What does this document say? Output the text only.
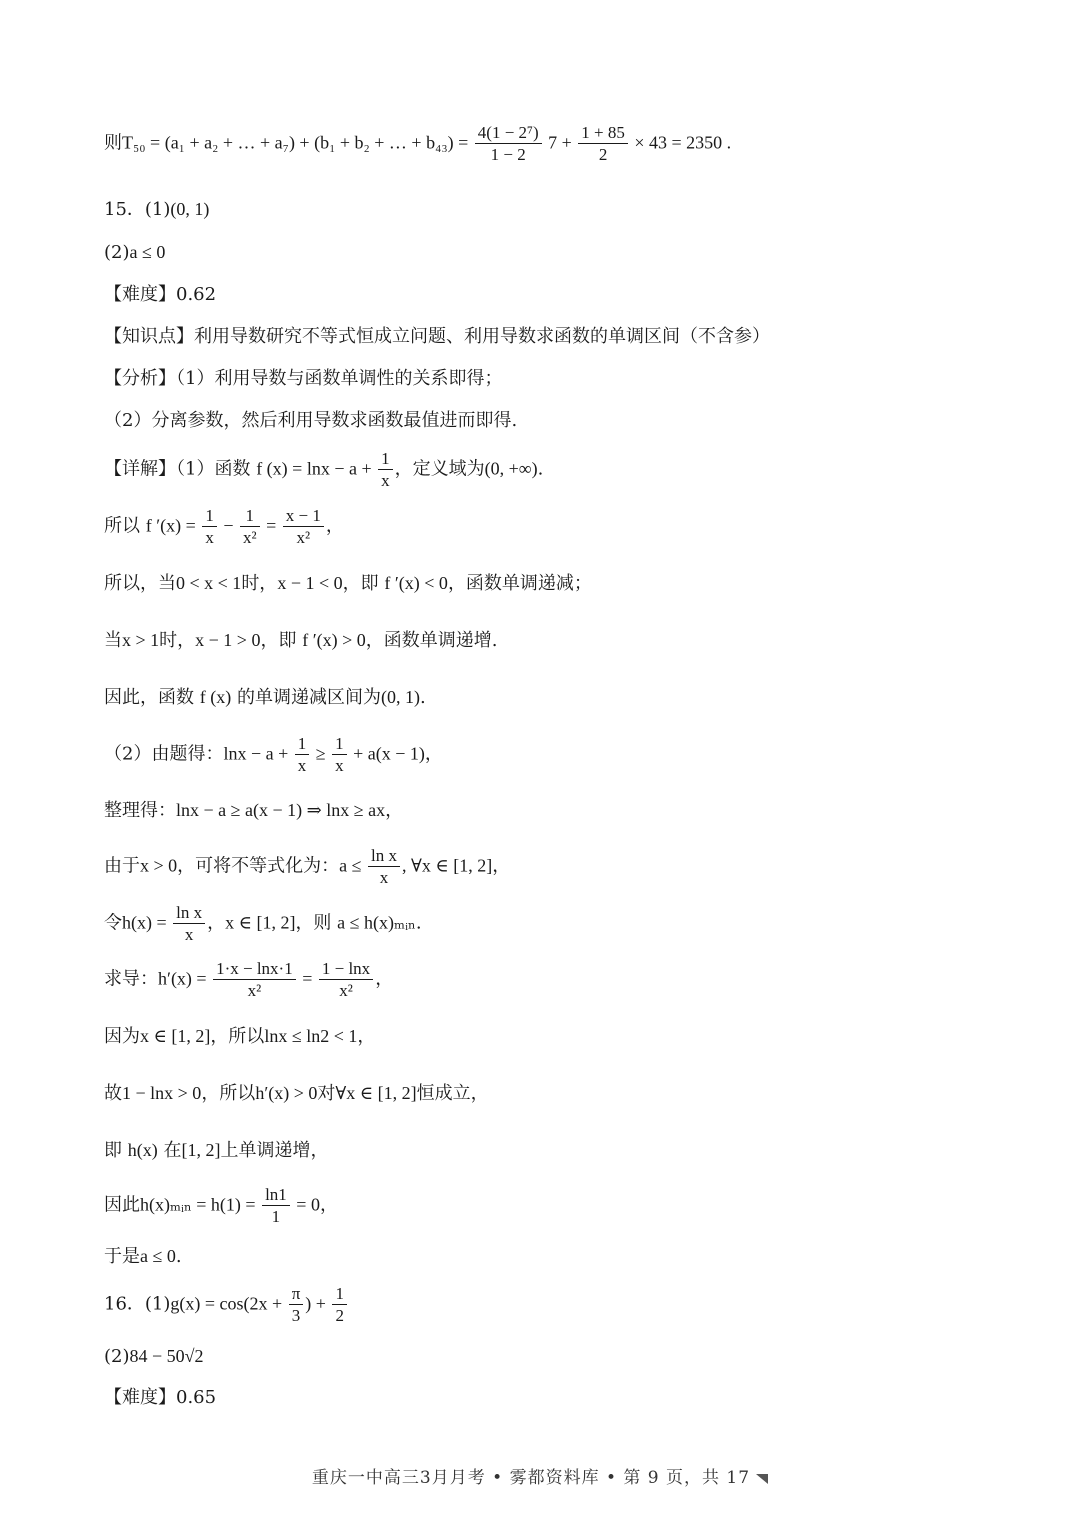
则T₅₀ = (a₁ + a₂ + … + a₇) + (b₁ + b₂ + … + $b_{43}) = \frac{\text{4(1 − 2⁷)}}{1 - 2} 7 + \frac{1 + 85}{2} \times 43 = 2350$ .
15．(1)(0, 1)
(2)a ≤ 0
【难度】0.62
【知识点】利用导数研究不等式恒成立问题、利用导数求函数的单调区间（不含参）
【分析】（1）利用导数与函数单调性的关系即得；
（2）分离参数，然后利用导数求函数最值进而即得.
【详解】（1）函数 f $(x) = \ln x - a + \frac{1}{x}$ ，定义域为(0, +∞).
所以 f $'(x) = \frac{1}{x} - \frac{1}{\text{x²}} = \frac{x - 1}{\text{x²}}$ ，
所以，当0 < x < 1时，x − 1 < 0，即 f ′(x) < 0，函数单调递减；
当x > 1时，x − 1 > 0，即 f ′(x) > 0，函数单调递增.
因此，函数 f (x) 的单调递减区间为(0, 1).
（2）由题得：$\ln x - a + \frac{1}{x} \ge \frac{1}{x} + a(x - 1)$，
整理得：lnx − a ≥ a(x − 1) ⇒ lnx ≥ ax，
由于x > 0，可将不等式化为：$a \le \frac{\text{ln x}}{x}$ , ∀x ∈ [1, 2]，
令$h(x) = \frac{\text{ln x}}{x}$ ，x ∈ [1, 2]，则 a ≤ h(x)ₘᵢₙ.
求导：$h'(x) = \frac{1\cdot x - \ln x\cdot 1}{\text{x²}} = \frac{1 - \ln x}{\text{x²}}$ ，
因为x ∈ [1, 2]，所以lnx ≤ ln2 < 1，
故1 − lnx > 0，所以h′(x) > 0对∀x ∈ [1, 2]恒成立，
即 h(x) 在[1, 2]上单调递增，
因此h(x)ₘᵢₙ = $h(1) = \frac{\ln 1}{1} = 0$，
于是a ≤ 0.
16．$(1)g(x) = \cos(2x + \frac{\pi}{3}$ ) + $\frac{1}{2}$
(2)84 − 50√2
【难度】0.65
重庆一中高三3月月考 • 雾都资料库 • 第 9 页，共 17
